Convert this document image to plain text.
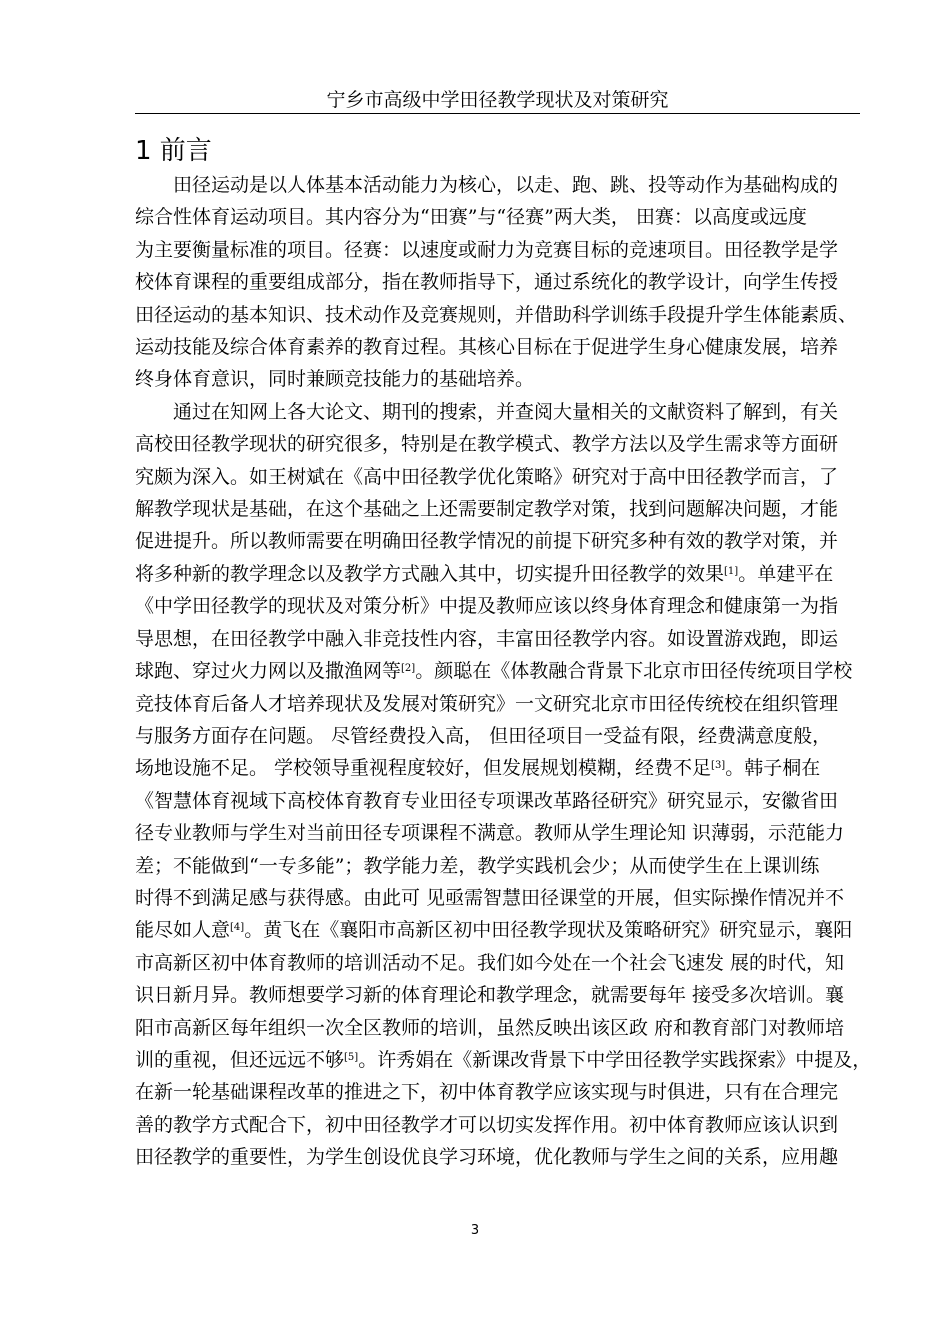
宁乡市高级中学田径教学现状及对策研究
1 前言

田径运动是以人体基本活动能力为核心，以走、跑、跳、投等动作为基础构成的
综合性体育运动项目。其内容分为“田赛”与“径赛”两大类， 田赛：以高度或远度
为主要衡量标准的项目。径赛：以速度或耐力为竞赛目标的竞速项目。田径教学是学
校体育课程的重要组成部分，指在教师指导下，通过系统化的教学设计，向学生传授
田径运动的基本知识、技术动作及竞赛规则，并借助科学训练手段提升学生体能素质、
运动技能及综合体育素养的教育过程。其核心目标在于促进学生身心健康发展，培养
终身体育意识，同时兼顾竞技能力的基础培养。

通过在知网上各大论文、期刊的搜索，并查阅大量相关的文献资料了解到，有关
高校田径教学现状的研究很多，特别是在教学模式、教学方法以及学生需求等方面研
究颇为深入。如王树斌在《高中田径教学优化策略》研究对于高中田径教学而言，了
解教学现状是基础，在这个基础之上还需要制定教学对策，找到问题解决问题，才能
促进提升。所以教师需要在明确田径教学情况的前提下研究多种有效的教学对策，并
将多种新的教学理念以及教学方式融入其中，切实提升田径教学的效果[1]。单建平在
《中学田径教学的现状及对策分析》中提及教师应该以终身体育理念和健康第一为指
导思想，在田径教学中融入非竞技性内容，丰富田径教学内容。如设置游戏跑，即运
球跑、穿过火力网以及撒渔网等[2]。颜聪在《体教融合背景下北京市田径传统项目学校
竞技体育后备人才培养现状及发展对策研究》一文研究北京市田径传统校在组织管理
与服务方面存在问题。 尽管经费投入高， 但田径项目一受益有限，经费满意度般，
场地设施不足。 学校领导重视程度较好，但发展规划模糊，经费不足[3]。韩子桐在
《智慧体育视域下高校体育教育专业田径专项课改革路径研究》研究显示，安徽省田
径专业教师与学生对当前田径专项课程不满意。教师从学生理论知 识薄弱，示范能力
差；不能做到“一专多能”；教学能力差，教学实践机会少；从而使学生在上课训练
时得不到满足感与获得感。由此可 见亟需智慧田径课堂的开展，但实际操作情况并不
能尽如人意[4]。黄飞在《襄阳市高新区初中田径教学现状及策略研究》研究显示，襄阳
市高新区初中体育教师的培训活动不足。我们如今处在一个社会飞速发 展的时代，知
识日新月异。教师想要学习新的体育理论和教学理念，就需要每年 接受多次培训。襄
阳市高新区每年组织一次全区教师的培训，虽然反映出该区政 府和教育部门对教师培
训的重视，但还远远不够[5]。许秀娟在《新课改背景下中学田径教学实践探索》中提及，
在新一轮基础课程改革的推进之下，初中体育教学应该实现与时俱进，只有在合理完
善的教学方式配合下，初中田径教学才可以切实发挥作用。初中体育教师应该认识到
田径教学的重要性，为学生创设优良学习环境，优化教师与学生之间的关系，应用趣

3
